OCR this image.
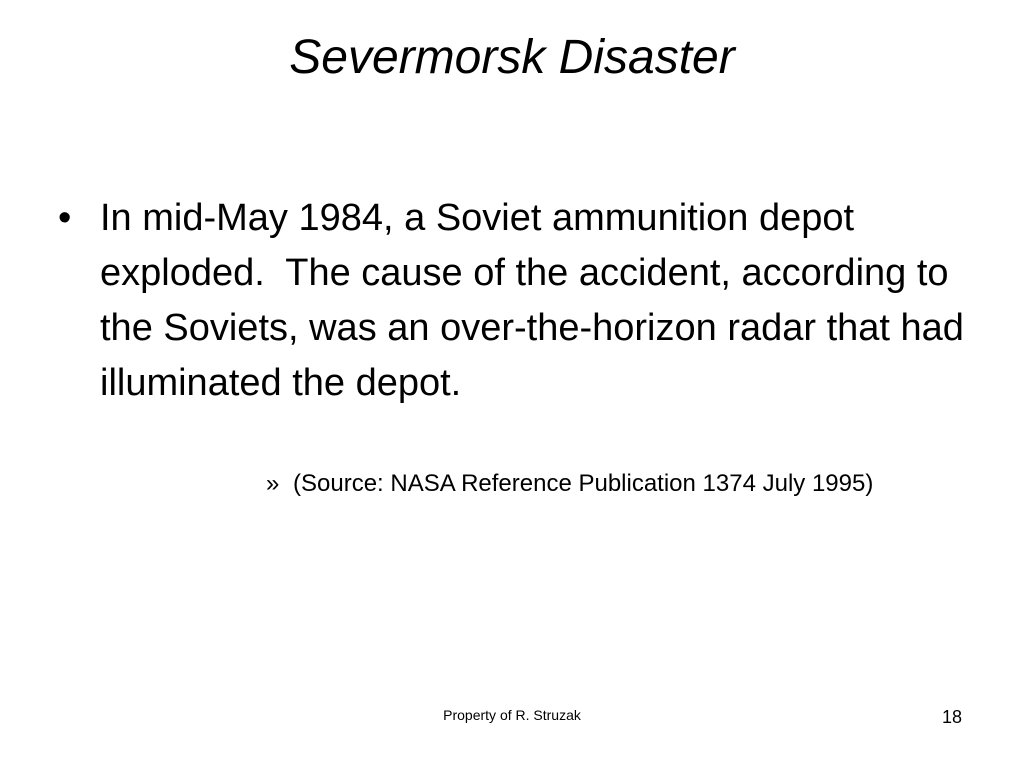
Severmorsk Disaster
• In mid-May 1984, a Soviet ammunition depot exploded.  The cause of the accident, according to the Soviets, was an over-the-horizon radar that had illuminated the depot.
» (Source: NASA Reference Publication 1374 July 1995)
Property of R. Struzak	18
